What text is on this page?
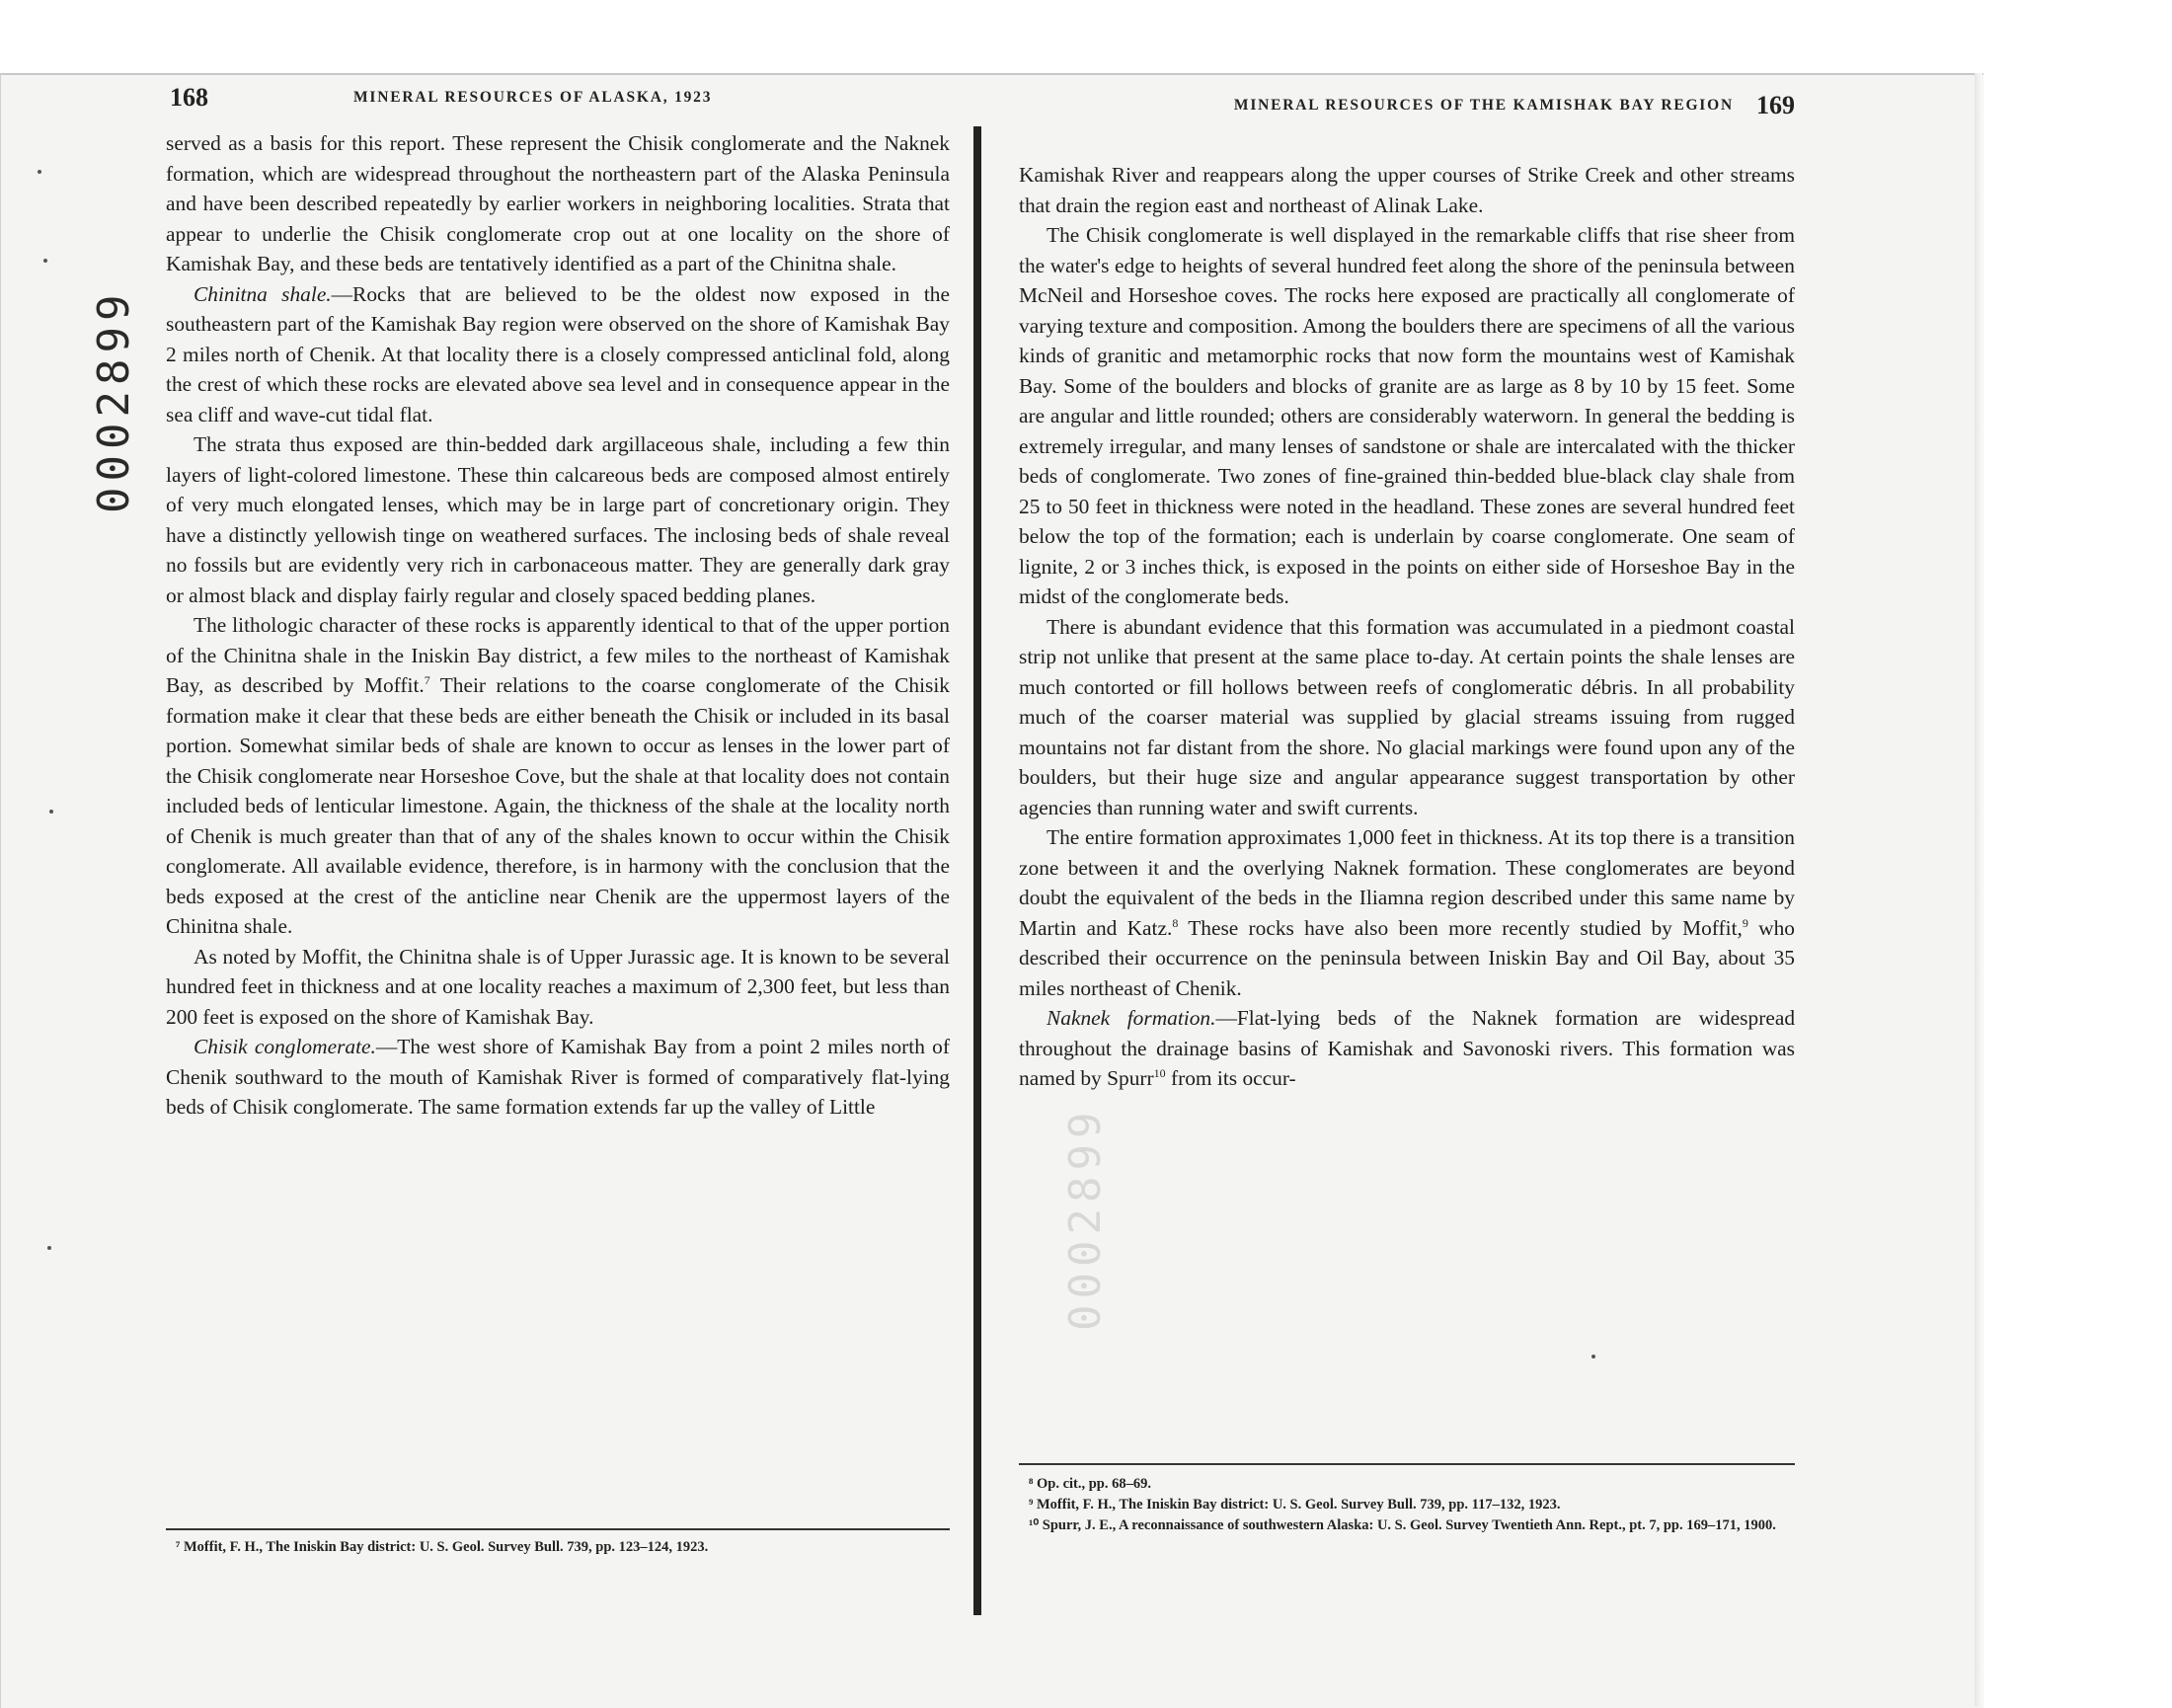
0002899
0002899
168	MINERAL RESOURCES OF ALASKA, 1923

served as a basis for this report. These represent the Chisik conglomerate and the Naknek formation, which are widespread throughout the northeastern part of the Alaska Peninsula and have been described repeatedly by earlier workers in neighboring localities. Strata that appear to underlie the Chisik conglomerate crop out at one locality on the shore of Kamishak Bay, and these beds are tentatively identified as a part of the Chinitna shale.

Chinitna shale.—Rocks that are believed to be the oldest now exposed in the southeastern part of the Kamishak Bay region were observed on the shore of Kamishak Bay 2 miles north of Chenik. At that locality there is a closely compressed anticlinal fold, along the crest of which these rocks are elevated above sea level and in consequence appear in the sea cliff and wave-cut tidal flat.

The strata thus exposed are thin-bedded dark argillaceous shale, including a few thin layers of light-colored limestone. These thin calcareous beds are composed almost entirely of very much elongated lenses, which may be in large part of concretionary origin. They have a distinctly yellowish tinge on weathered surfaces. The inclosing beds of shale reveal no fossils but are evidently very rich in carbonaceous matter. They are generally dark gray or almost black and display fairly regular and closely spaced bedding planes.

The lithologic character of these rocks is apparently identical to that of the upper portion of the Chinitna shale in the Iniskin Bay district, a few miles to the northeast of Kamishak Bay, as described by Moffit.$^7$ Their relations to the coarse conglomerate of the Chisik formation make it clear that these beds are either beneath the Chisik or included in its basal portion. Somewhat similar beds of shale are known to occur as lenses in the lower part of the Chisik conglomerate near Horseshoe Cove, but the shale at that locality does not contain included beds of lenticular limestone. Again, the thickness of the shale at the locality north of Chenik is much greater than that of any of the shales known to occur within the Chisik conglomerate. All available evidence, therefore, is in harmony with the conclusion that the beds exposed at the crest of the anticline near Chenik are the uppermost layers of the Chinitna shale.

As noted by Moffit, the Chinitna shale is of Upper Jurassic age. It is known to be several hundred feet in thickness and at one locality reaches a maximum of 2,300 feet, but less than 200 feet is exposed on the shore of Kamishak Bay.

Chisik conglomerate.—The west shore of Kamishak Bay from a point 2 miles north of Chenik southward to the mouth of Kamishak River is formed of comparatively flat-lying beds of Chisik conglomerate. The same formation extends far up the valley of Little

⁷ Moffit, F. H., The Iniskin Bay district: U. S. Geol. Survey Bull. 739, pp. 123–124, 1923.

MINERAL RESOURCES OF THE KAMISHAK BAY REGION 169

Kamishak River and reappears along the upper courses of Strike Creek and other streams that drain the region east and northeast of Alinak Lake.

The Chisik conglomerate is well displayed in the remarkable cliffs that rise sheer from the water's edge to heights of several hundred feet along the shore of the peninsula between McNeil and Horseshoe coves. The rocks here exposed are practically all conglomerate of varying texture and composition. Among the boulders there are specimens of all the various kinds of granitic and metamorphic rocks that now form the mountains west of Kamishak Bay. Some of the boulders and blocks of granite are as large as 8 by 10 by 15 feet. Some are angular and little rounded; others are considerably waterworn. In general the bedding is extremely irregular, and many lenses of sandstone or shale are intercalated with the thicker beds of conglomerate. Two zones of fine-grained thin-bedded blue-black clay shale from 25 to 50 feet in thickness were noted in the headland. These zones are several hundred feet below the top of the formation; each is underlain by coarse conglomerate. One seam of lignite, 2 or 3 inches thick, is exposed in the points on either side of Horseshoe Bay in the midst of the conglomerate beds.

There is abundant evidence that this formation was accumulated in a piedmont coastal strip not unlike that present at the same place to-day. At certain points the shale lenses are much contorted or fill hollows between reefs of conglomeratic débris. In all probability much of the coarser material was supplied by glacial streams issuing from rugged mountains not far distant from the shore. No glacial markings were found upon any of the boulders, but their huge size and angular appearance suggest transportation by other agencies than running water and swift currents.

The entire formation approximates 1,000 feet in thickness. At its top there is a transition zone between it and the overlying Naknek formation. These conglomerates are beyond doubt the equivalent of the beds in the Iliamna region described under this same name by Martin and Katz.$^8$ These rocks have also been more recently studied by Moffit,$^9$ who described their occurrence on the peninsula between Iniskin Bay and Oil Bay, about 35 miles northeast of Chenik.

Naknek formation.—Flat-lying beds of the Naknek formation are widespread throughout the drainage basins of Kamishak and Savonoski rivers. This formation was named by Spurr$^{10}$ from its occur-

⁸ Op. cit., pp. 68–69.

⁹ Moffit, F. H., The Iniskin Bay district: U. S. Geol. Survey Bull. 739, pp. 117–132, 1923.

¹⁰ Spurr, J. E., A reconnaissance of southwestern Alaska: U. S. Geol. Survey Twentieth Ann. Rept., pt. 7, pp. 169–171, 1900.
